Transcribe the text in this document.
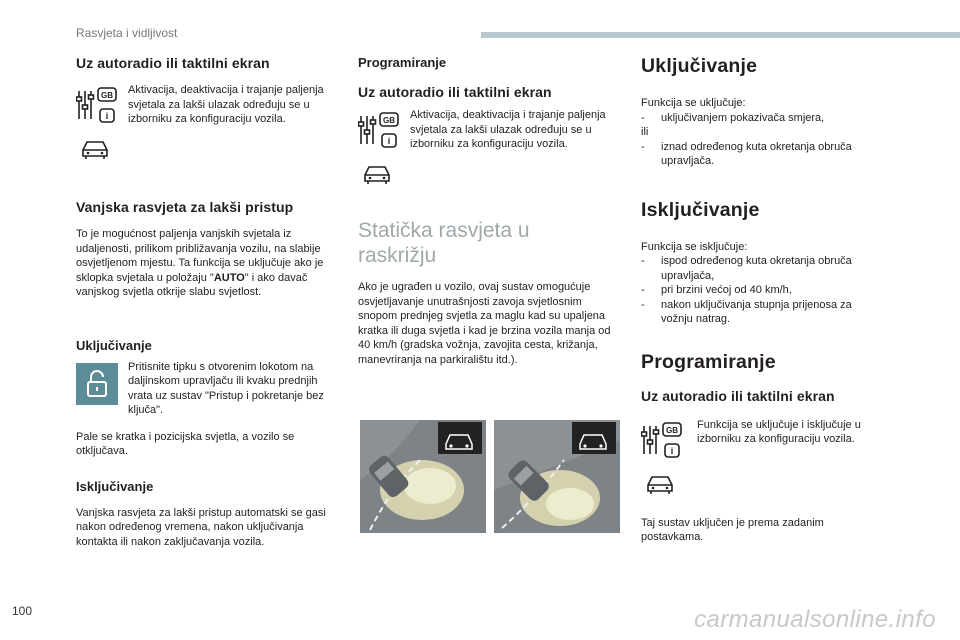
Rasvjeta i vidljivost
Uz autoradio ili taktilni ekran
GB
i

Aktivacija, deaktivacija i trajanje paljenja svjetala za lakši ulazak određuju se u izborniku za konfiguraciju vozila.
Vanjska rasvjeta za lakši pristup

To je mogućnost paljenja vanjskih svjetala iz udaljenosti, prilikom približavanja vozilu, na slabije osvjetljenom mjestu. Ta funkcija se uključuje ako je sklopka svjetala u položaju "AUTO" i ako davač vanjskog svjetla otkrije slabu svjetlost.

Uključivanje
Pritisnite tipku s otvorenim lokotom na daljinskom upravljaču ili kvaku prednjih vrata uz sustav "Pristup i pokretanje bez ključa".

Pale se kratka i pozicijska svjetla, a vozilo se otključava.

Isključivanje

Vanjska rasvjeta za lakši pristup automatski se gasi nakon određenog vremena, nakon uključivanja kontakta ili nakon zaključavanja vozila.

Programiranje
Uz autoradio ili taktilni ekran
GB
i

Aktivacija, deaktivacija i trajanje paljenja svjetala za lakši ulazak određuju se u izborniku za konfiguraciju vozila.
Statička rasvjeta u raskrižju

Ako je ugrađen u vozilo, ovaj sustav omogućuje osvjetljavanje unutrašnjosti zavoja svjetlosnim snopom prednjeg svjetla za maglu kad su upaljena kratka ili duga svjetla i kad je brzina vozila manja od 40 km/h (gradska vožnja, zavojita cesta, križanja, manevriranja na parkiralištu itd.).

Uključivanje

Funkcija se uključuje:

-	uključivanjem pokazivača smjera,

ili

-	iznad određenog kuta okretanja obruča upravljača.
Isključivanje

Funkcija se isključuje:

-	ispod određenog kuta okretanja obruča upravljača,
-	pri brzini većoj od 40 km/h,
-	nakon uključivanja stupnja prijenosa za vožnju natrag.
Programiranje
Uz autoradio ili taktilni ekran
GB
i

Funkcija se uključuje i isključuje u izborniku za konfiguraciju vozila.

Taj sustav uključen je prema zadanim postavkama.

100	carmanualsonline.info
